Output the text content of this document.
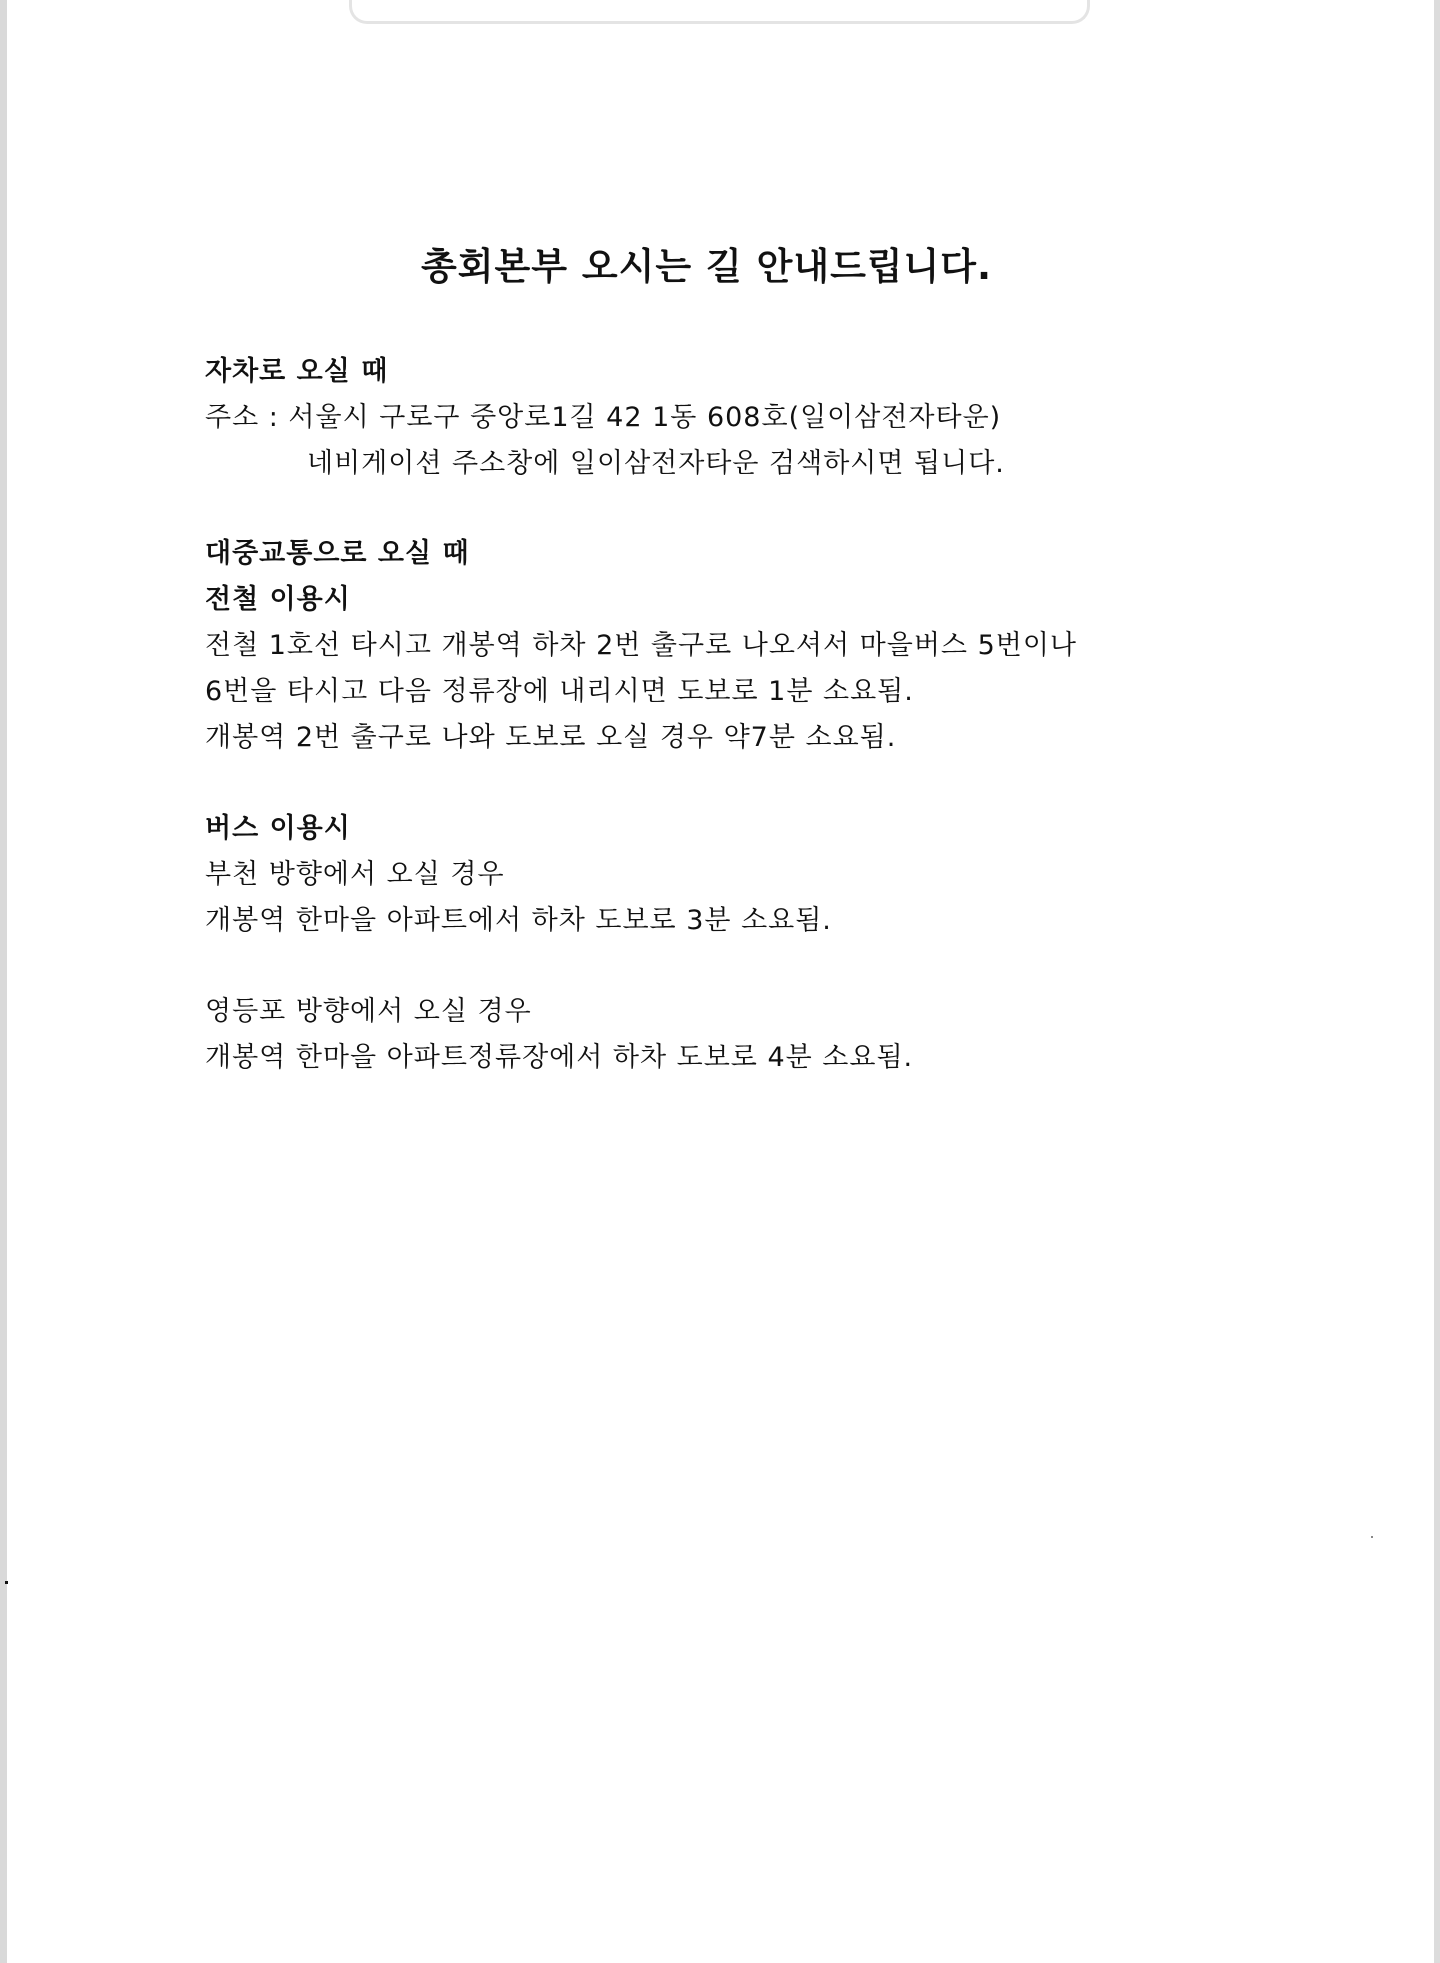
총회본부 오시는 길 안내드립니다.
자차로 오실 때
주소 : 서울시 구로구 중앙로1길 42 1동 608호(일이삼전자타운)
네비게이션 주소창에 일이삼전자타운 검색하시면 됩니다.
대중교통으로 오실 때
전철 이용시
전철 1호선 타시고 개봉역 하차 2번 출구로 나오셔서 마을버스 5번이나
6번을 타시고 다음 정류장에 내리시면 도보로 1분 소요됨.
개봉역 2번 출구로 나와 도보로 오실 경우 약7분 소요됨.
버스 이용시
부천 방향에서 오실 경우
개봉역 한마을 아파트에서 하차 도보로 3분 소요됨.
영등포 방향에서 오실 경우
개봉역 한마을 아파트정류장에서 하차 도보로 4분 소요됨.
